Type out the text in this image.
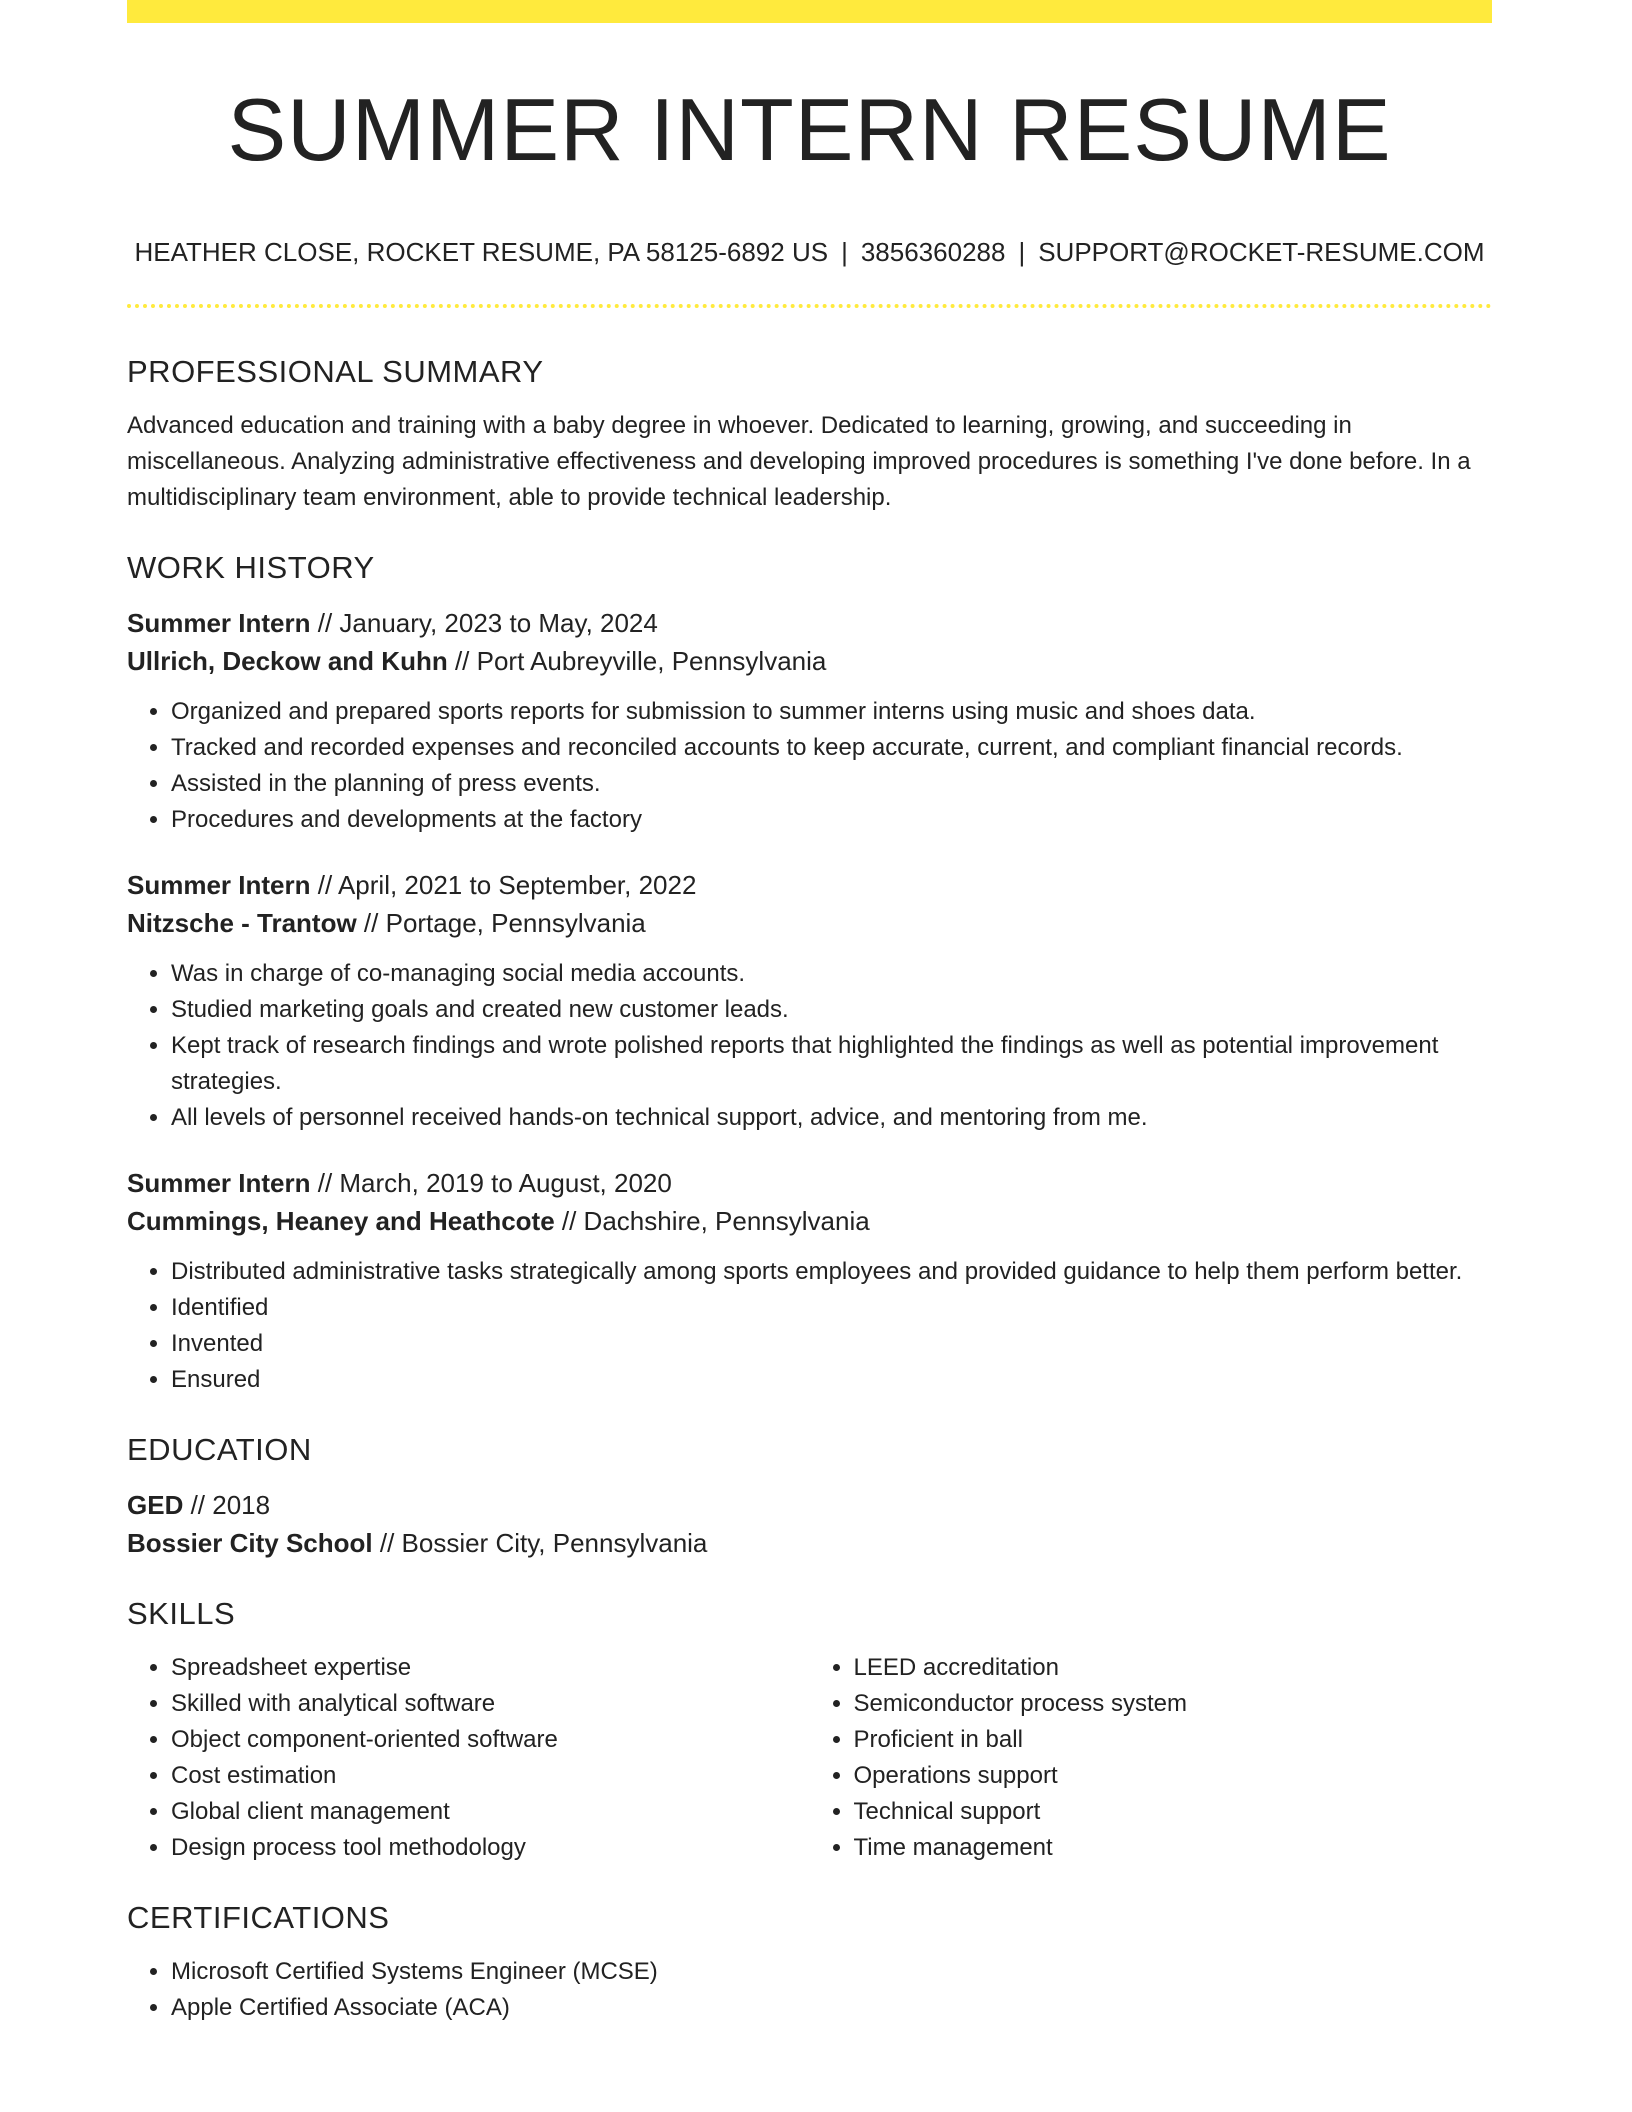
SUMMER INTERN RESUME
HEATHER CLOSE, ROCKET RESUME, PA 58125-6892 US | 3856360288 | SUPPORT@ROCKET-RESUME.COM
PROFESSIONAL SUMMARY

Advanced education and training with a baby degree in whoever. Dedicated to learning, growing, and succeeding in miscellaneous. Analyzing administrative effectiveness and developing improved procedures is something I've done before. In a multidisciplinary team environment, able to provide technical leadership.

WORK HISTORY

Summer Intern // January, 2023 to May, 2024

Ullrich, Deckow and Kuhn // Port Aubreyville, Pennsylvania

• Organized and prepared sports reports for submission to summer interns using music and shoes data.
• Tracked and recorded expenses and reconciled accounts to keep accurate, current, and compliant financial records.
• Assisted in the planning of press events.
• Procedures and developments at the factory

Summer Intern // April, 2021 to September, 2022

Nitzsche - Trantow // Portage, Pennsylvania

• Was in charge of co-managing social media accounts.
• Studied marketing goals and created new customer leads.
• Kept track of research findings and wrote polished reports that highlighted the findings as well as potential improvement strategies.
• All levels of personnel received hands-on technical support, advice, and mentoring from me.

Summer Intern // March, 2019 to August, 2020

Cummings, Heaney and Heathcote // Dachshire, Pennsylvania

• Distributed administrative tasks strategically among sports employees and provided guidance to help them perform better.
• Identified
• Invented
• Ensured
EDUCATION

GED // 2018

Bossier City School // Bossier City, Pennsylvania

SKILLS
• Spreadsheet expertise
• Skilled with analytical software
• Object component-oriented software
• Cost estimation
• Global client management
• Design process tool methodology
• LEED accreditation
• Semiconductor process system
• Proficient in ball
• Operations support
• Technical support
• Time management
CERTIFICATIONS
• Microsoft Certified Systems Engineer (MCSE)
• Apple Certified Associate (ACA)
